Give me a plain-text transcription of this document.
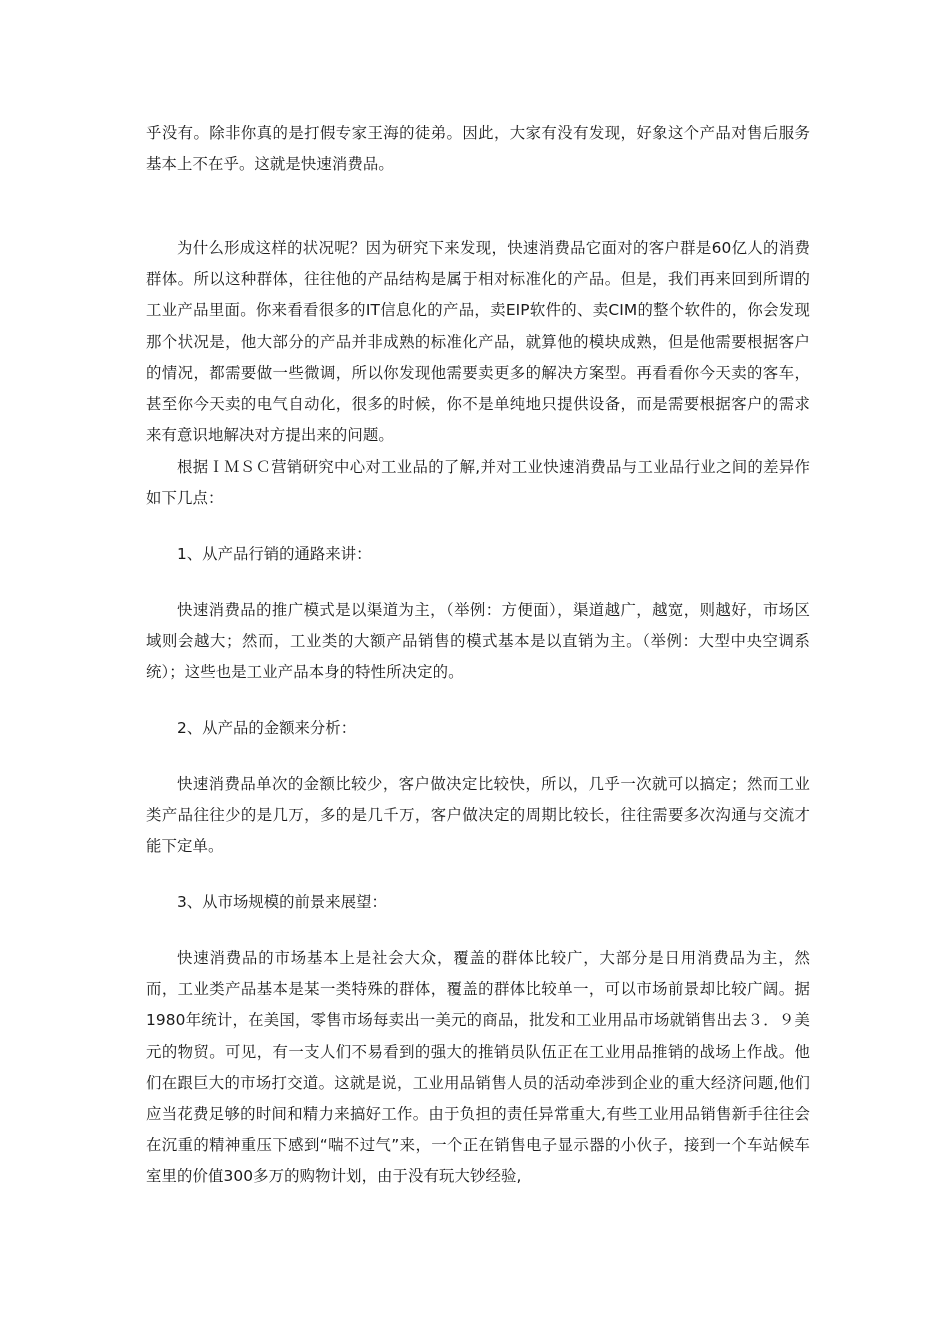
乎没有。除非你真的是打假专家王海的徒弟。因此，大家有没有发现，好象这个产品对售后服务基本上不在乎。这就是快速消费品。

为什么形成这样的状况呢？因为研究下来发现，快速消费品它面对的客户群是60亿人的消费群体。所以这种群体，往往他的产品结构是属于相对标准化的产品。但是，我们再来回到所谓的工业产品里面。你来看看很多的IT信息化的产品，卖EIP软件的、卖CIM的整个软件的，你会发现那个状况是，他大部分的产品并非成熟的标准化产品，就算他的模块成熟，但是他需要根据客户的情况，都需要做一些微调，所以你发现他需要卖更多的解决方案型。再看看你今天卖的客车，甚至你今天卖的电气自动化，很多的时候，你不是单纯地只提供设备，而是需要根据客户的需求来有意识地解决对方提出来的问题。

根据ＩＭＳＣ营销研究中心对工业品的了解,并对工业快速消费品与工业品行业之间的差异作如下几点：

1、从产品行销的通路来讲：

快速消费品的推广模式是以渠道为主，（举例：方便面），渠道越广，越宽，则越好，市场区域则会越大；然而，工业类的大额产品销售的模式基本是以直销为主。（举例：大型中央空调系统）；这些也是工业产品本身的特性所决定的。

2、从产品的金额来分析：

快速消费品单次的金额比较少，客户做决定比较快，所以，几乎一次就可以搞定；然而工业类产品往往少的是几万，多的是几千万，客户做决定的周期比较长，往往需要多次沟通与交流才能下定单。

3、从市场规模的前景来展望：

快速消费品的市场基本上是社会大众，覆盖的群体比较广，大部分是日用消费品为主，然而，工业类产品基本是某一类特殊的群体，覆盖的群体比较单一，可以市场前景却比较广阔。据1980年统计，在美国，零售市场每卖出一美元的商品，批发和工业用品市场就销售出去３．９美元的物贸。可见，有一支人们不易看到的强大的推销员队伍正在工业用品推销的战场上作战。他们在跟巨大的市场打交道。这就是说，工业用品销售人员的活动牵涉到企业的重大经济问题,他们应当花费足够的时间和精力来搞好工作。由于负担的责任异常重大,有些工业用品销售新手往往会在沉重的精神重压下感到“喘不过气”来，一个正在销售电子显示器的小伙子，接到一个车站候车室里的价值300多万的购物计划，由于没有玩大钞经验,
